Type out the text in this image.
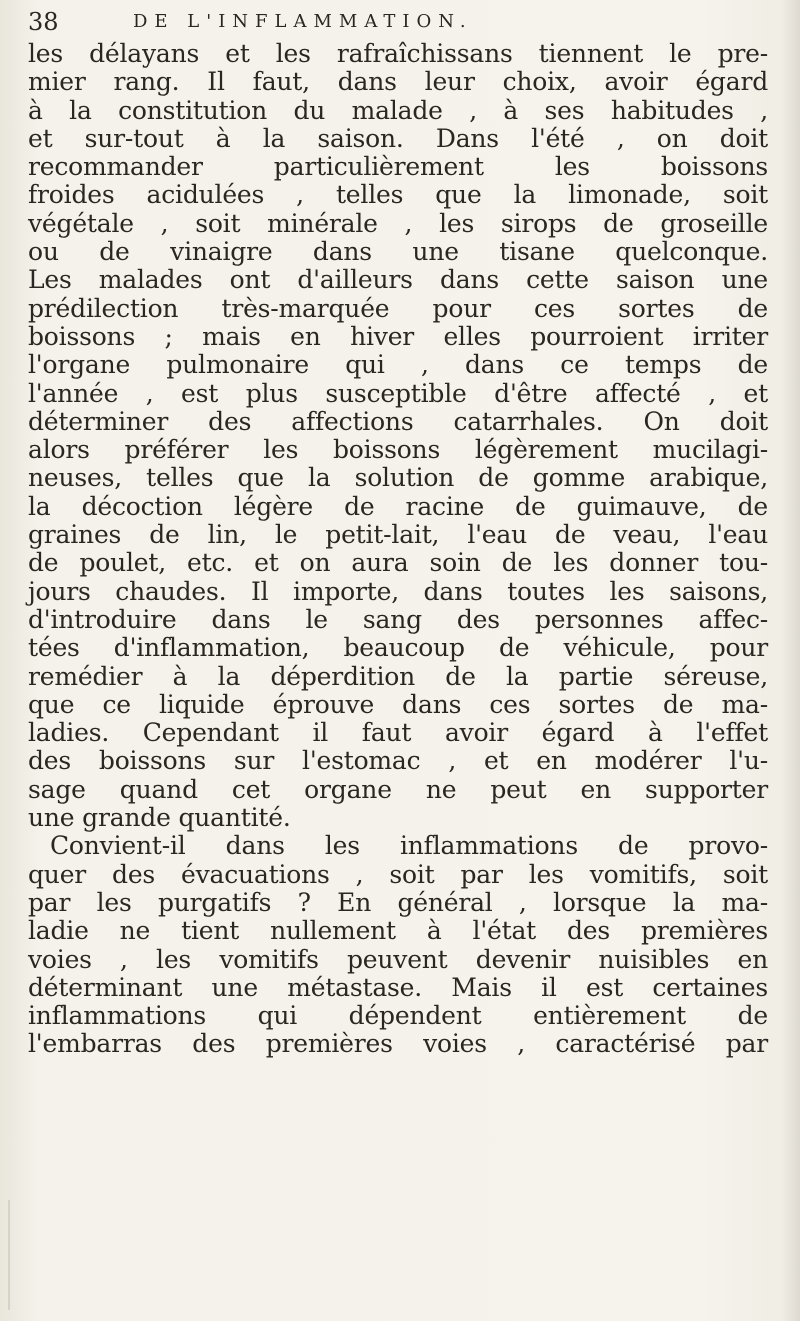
38	DE L'INFLAMMATION.
les délayans et les rafraîchissans tiennent le pre-
mier rang. Il faut, dans leur choix, avoir égard
à la constitution du malade , à ses habitudes ,
et sur-tout à la saison. Dans l'été , on doit
recommander particulièrement les boissons
froides acidulées , telles que la limonade, soit
végétale , soit minérale , les sirops de groseille
ou de vinaigre dans une tisane quelconque.
Les malades ont d'ailleurs dans cette saison une
prédilection très-marquée pour ces sortes de
boissons ; mais en hiver elles pourroient irriter
l'organe pulmonaire qui , dans ce temps de
l'année , est plus susceptible d'être affecté , et
déterminer des affections catarrhales. On doit
alors préférer les boissons légèrement mucilagi-
neuses, telles que la solution de gomme arabique,
la décoction légère de racine de guimauve, de
graines de lin, le petit-lait, l'eau de veau, l'eau
de poulet, etc. et on aura soin de les donner tou-
jours chaudes. Il importe, dans toutes les saisons,
d'introduire dans le sang des personnes affec-
tées d'inflammation, beaucoup de véhicule, pour
remédier à la déperdition de la partie séreuse,
que ce liquide éprouve dans ces sortes de ma-
ladies. Cependant il faut avoir égard à l'effet
des boissons sur l'estomac , et en modérer l'u-
sage quand cet organe ne peut en supporter
une grande quantité.
Convient-il dans les inflammations de provo-
quer des évacuations , soit par les vomitifs, soit
par les purgatifs ? En général , lorsque la ma-
ladie ne tient nullement à l'état des premières
voies , les vomitifs peuvent devenir nuisibles en
déterminant une métastase. Mais il est certaines
inflammations qui dépendent entièrement de
l'embarras des premières voies , caractérisé par
